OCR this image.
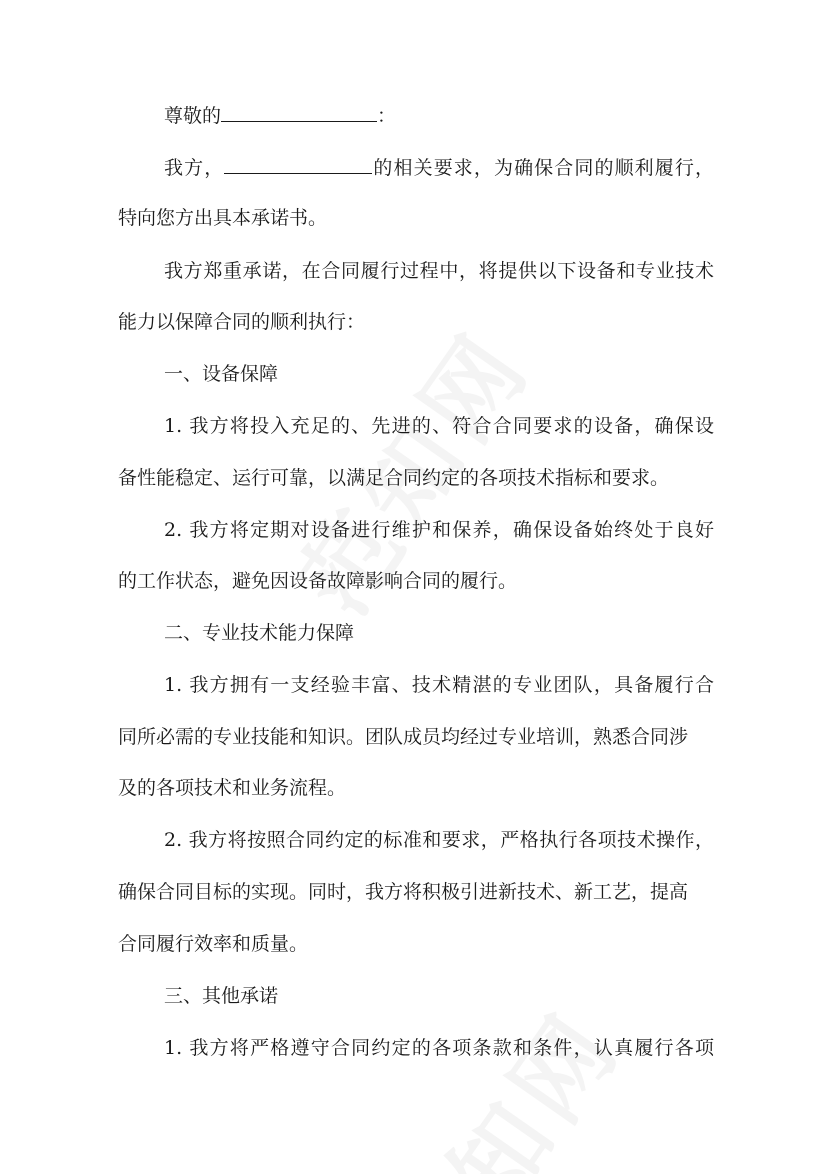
尊敬的	：
我方，	的相关要求，为确保合同的顺利履行，
特向您方出具本承诺书。
我方郑重承诺，在合同履行过程中，将提供以下设备和专业技术
能力以保障合同的顺利执行：
一、设备保障
1. 我方将投入充足的、先进的、符合合同要求的设备，确保设
备性能稳定、运行可靠，以满足合同约定的各项技术指标和要求。
2. 我方将定期对设备进行维护和保养，确保设备始终处于良好
的工作状态，避免因设备故障影响合同的履行。
二、专业技术能力保障
1. 我方拥有一支经验丰富、技术精湛的专业团队，具备履行合
同所必需的专业技能和知识。团队成员均经过专业培训，熟悉合同涉
及的各项技术和业务流程。
2. 我方将按照合同约定的标准和要求，严格执行各项技术操作，
确保合同目标的实现。同时，我方将积极引进新技术、新工艺，提高
合同履行效率和质量。
三、其他承诺
1. 我方将严格遵守合同约定的各项条款和条件，认真履行各项
